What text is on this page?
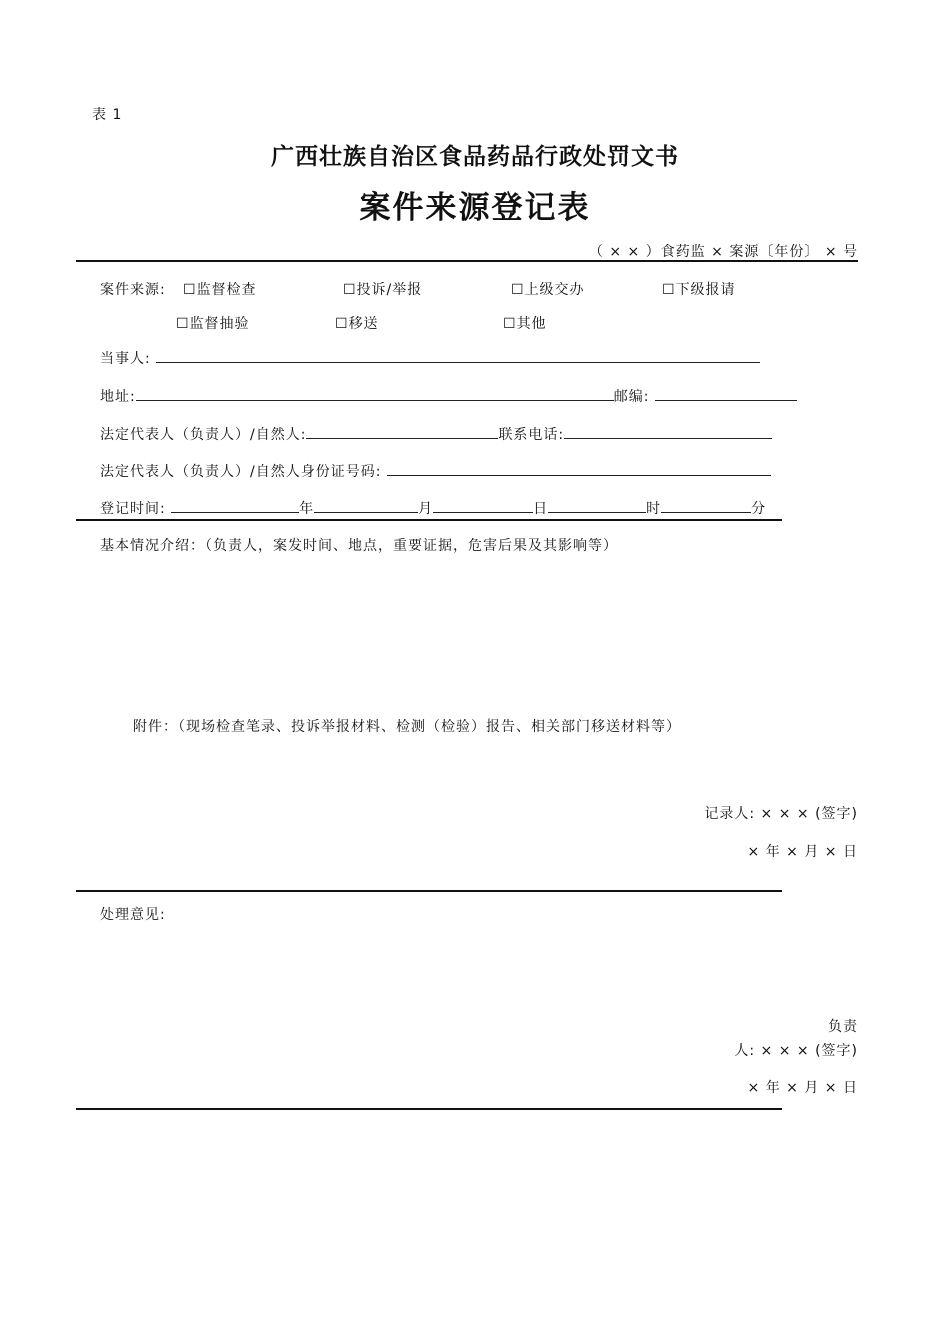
表 1
广西壮族自治区食品药品行政处罚文书
案件来源登记表
（ × × ）食药监 × 案源〔年份〕 × 号
案件来源: ☐监督检查	☐投诉/举报	☐上级交办	☐下级报请
☐监督抽验	☐移送	☐其他
当事人:
地址:	邮编:
法定代表人（负责人）/自然人:	联系电话:
法定代表人（负责人）/自然人身份证号码:
登记时间:	年	月	日	时	分
基本情况介绍：（负责人，案发时间、地点，重要证据，危害后果及其影响等）
附件：（现场检查笔录、投诉举报材料、检测（检验）报告、相关部门移送材料等）
记录人: × × × (签字)
× 年 × 月 × 日
处理意见:
负责
人: × × × (签字)
× 年 × 月 × 日
